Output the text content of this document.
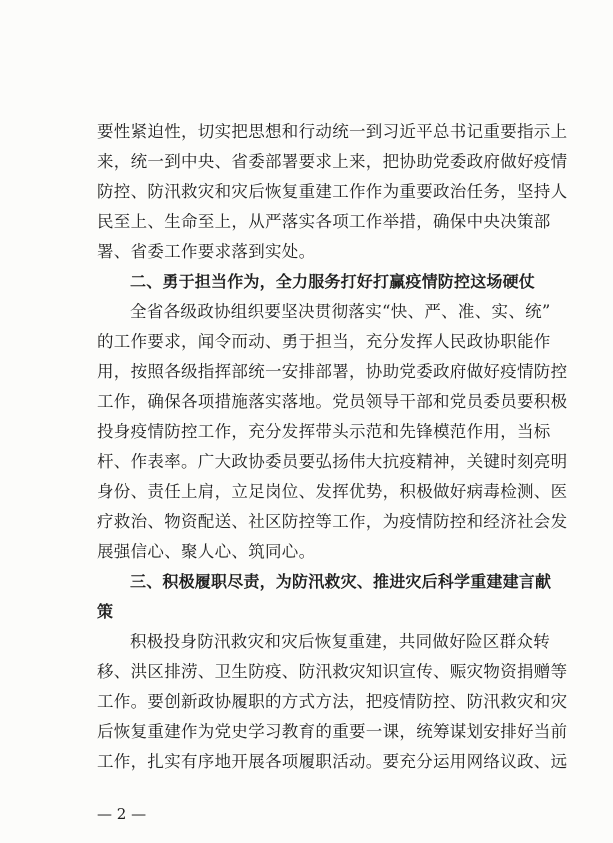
要性紧迫性，切实把思想和行动统一到习近平总书记重要指示上
来，统一到中央、省委部署要求上来，把协助党委政府做好疫情
防控、防汛救灾和灾后恢复重建工作作为重要政治任务，坚持人
民至上、生命至上，从严落实各项工作举措，确保中央决策部
署、省委工作要求落到实处。
二、勇于担当作为，全力服务打好打赢疫情防控这场硬仗
全省各级政协组织要坚决贯彻落实“快、严、准、实、统”
的工作要求，闻令而动、勇于担当，充分发挥人民政协职能作
用，按照各级指挥部统一安排部署，协助党委政府做好疫情防控
工作，确保各项措施落实落地。党员领导干部和党员委员要积极
投身疫情防控工作，充分发挥带头示范和先锋模范作用，当标
杆、作表率。广大政协委员要弘扬伟大抗疫精神，关键时刻亮明
身份、责任上肩，立足岗位、发挥优势，积极做好病毒检测、医
疗救治、物资配送、社区防控等工作，为疫情防控和经济社会发
展强信心、聚人心、筑同心。
三、积极履职尽责，为防汛救灾、推进灾后科学重建建言献
策
积极投身防汛救灾和灾后恢复重建，共同做好险区群众转
移、洪区排涝、卫生防疫、防汛救灾知识宣传、赈灾物资捐赠等
工作。要创新政协履职的方式方法，把疫情防控、防汛救灾和灾
后恢复重建作为党史学习教育的重要一课，统筹谋划安排好当前
工作，扎实有序地开展各项履职活动。要充分运用网络议政、远
— 2 —
